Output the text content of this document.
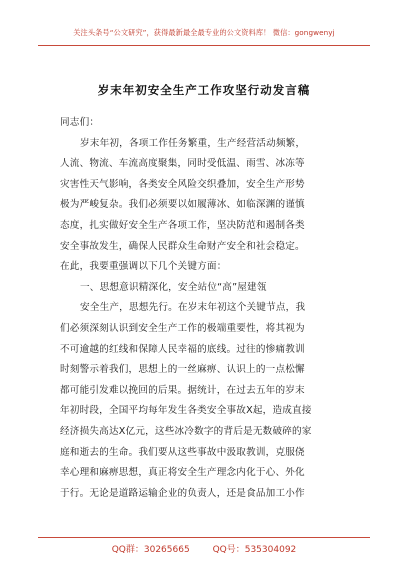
关注头条号“公文研究”，获得最新最全最专业的公文资料库！ 微信：gongwenyj
岁末年初安全生产工作攻坚行动发言稿
同志们：
岁末年初，各项工作任务繁重，生产经营活动频繁，
人流、物流、车流高度聚集，同时受低温、雨雪、冰冻等
灾害性天气影响，各类安全风险交织叠加，安全生产形势
极为严峻复杂。我们必须要以如履薄冰、如临深渊的谨慎
态度，扎实做好安全生产各项工作，坚决防范和遏制各类
安全事故发生，确保人民群众生命财产安全和社会稳定。
在此，我要重强调以下几个关键方面：
一、思想意识精深化，安全站位“高”屋建瓴
安全生产，思想先行。在岁末年初这个关键节点，我
们必须深刻认识到安全生产工作的极端重要性，将其视为
不可逾越的红线和保障人民幸福的底线。过往的惨痛教训
时刻警示着我们，思想上的一丝麻痹、认识上的一点松懈
都可能引发难以挽回的后果。据统计，在过去五年的岁末
年初时段，全国平均每年发生各类安全事故X起，造成直接
经济损失高达X亿元，这些冰冷数字的背后是无数破碎的家
庭和逝去的生命。我们要从这些事故中汲取教训，克服侥
幸心理和麻痹思想，真正将安全生产理念内化于心、外化
于行。无论是道路运输企业的负责人，还是食品加工小作
QQ群：30265665        QQ号：535304092
